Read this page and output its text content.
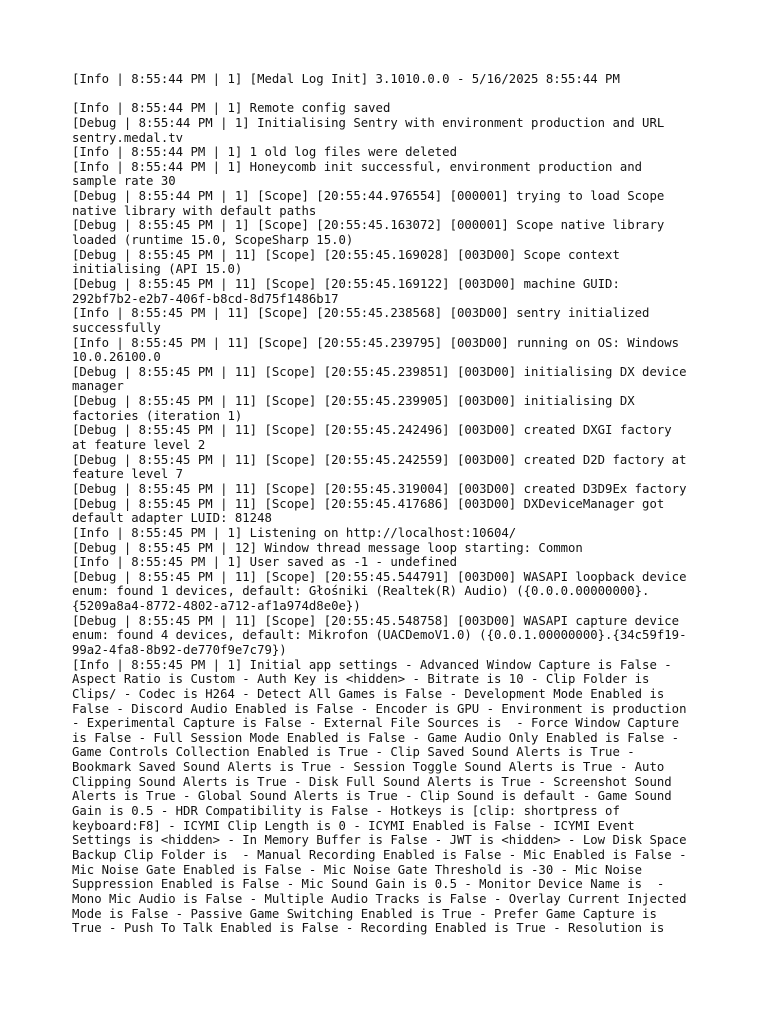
[Info | 8:55:44 PM | 1] [Medal Log Init] 3.1010.0.0 - 5/16/2025 8:55:44 PM
[Info | 8:55:44 PM | 1] Remote config saved
[Debug | 8:55:44 PM | 1] Initialising Sentry with environment production and URL
sentry.medal.tv
[Info | 8:55:44 PM | 1] 1 old log files were deleted
[Info | 8:55:44 PM | 1] Honeycomb init successful, environment production and
sample rate 30
[Debug | 8:55:44 PM | 1] [Scope] [20:55:44.976554] [000001] trying to load Scope
native library with default paths
[Debug | 8:55:45 PM | 1] [Scope] [20:55:45.163072] [000001] Scope native library
loaded (runtime 15.0, ScopeSharp 15.0)
[Debug | 8:55:45 PM | 11] [Scope] [20:55:45.169028] [003D00] Scope context
initialising (API 15.0)
[Debug | 8:55:45 PM | 11] [Scope] [20:55:45.169122] [003D00] machine GUID:
292bf7b2-e2b7-406f-b8cd-8d75f1486b17
[Info | 8:55:45 PM | 11] [Scope] [20:55:45.238568] [003D00] sentry initialized
successfully
[Info | 8:55:45 PM | 11] [Scope] [20:55:45.239795] [003D00] running on OS: Windows
10.0.26100.0
[Debug | 8:55:45 PM | 11] [Scope] [20:55:45.239851] [003D00] initialising DX device
manager
[Debug | 8:55:45 PM | 11] [Scope] [20:55:45.239905] [003D00] initialising DX
factories (iteration 1)
[Debug | 8:55:45 PM | 11] [Scope] [20:55:45.242496] [003D00] created DXGI factory
at feature level 2
[Debug | 8:55:45 PM | 11] [Scope] [20:55:45.242559] [003D00] created D2D factory at
feature level 7
[Debug | 8:55:45 PM | 11] [Scope] [20:55:45.319004] [003D00] created D3D9Ex factory
[Debug | 8:55:45 PM | 11] [Scope] [20:55:45.417686] [003D00] DXDeviceManager got
default adapter LUID: 81248
[Info | 8:55:45 PM | 1] Listening on http://localhost:10604/
[Debug | 8:55:45 PM | 12] Window thread message loop starting: Common
[Info | 8:55:45 PM | 1] User saved as -1 - undefined
[Debug | 8:55:45 PM | 11] [Scope] [20:55:45.544791] [003D00] WASAPI loopback device
enum: found 1 devices, default: Głośniki (Realtek(R) Audio) ({0.0.0.00000000}.
{5209a8a4-8772-4802-a712-af1a974d8e0e})
[Debug | 8:55:45 PM | 11] [Scope] [20:55:45.548758] [003D00] WASAPI capture device
enum: found 4 devices, default: Mikrofon (UACDemoV1.0) ({0.0.1.00000000}.{34c59f19-
99a2-4fa8-8b92-de770f9e7c79})
[Info | 8:55:45 PM | 1] Initial app settings - Advanced Window Capture is False -
Aspect Ratio is Custom - Auth Key is <hidden> - Bitrate is 10 - Clip Folder is
Clips/ - Codec is H264 - Detect All Games is False - Development Mode Enabled is
False - Discord Audio Enabled is False - Encoder is GPU - Environment is production
- Experimental Capture is False - External File Sources is  - Force Window Capture
is False - Full Session Mode Enabled is False - Game Audio Only Enabled is False -
Game Controls Collection Enabled is True - Clip Saved Sound Alerts is True -
Bookmark Saved Sound Alerts is True - Session Toggle Sound Alerts is True - Auto
Clipping Sound Alerts is True - Disk Full Sound Alerts is True - Screenshot Sound
Alerts is True - Global Sound Alerts is True - Clip Sound is default - Game Sound
Gain is 0.5 - HDR Compatibility is False - Hotkeys is [clip: shortpress of
keyboard:F8] - ICYMI Clip Length is 0 - ICYMI Enabled is False - ICYMI Event
Settings is <hidden> - In Memory Buffer is False - JWT is <hidden> - Low Disk Space
Backup Clip Folder is  - Manual Recording Enabled is False - Mic Enabled is False -
Mic Noise Gate Enabled is False - Mic Noise Gate Threshold is -30 - Mic Noise
Suppression Enabled is False - Mic Sound Gain is 0.5 - Monitor Device Name is  -
Mono Mic Audio is False - Multiple Audio Tracks is False - Overlay Current Injected
Mode is False - Passive Game Switching Enabled is True - Prefer Game Capture is
True - Push To Talk Enabled is False - Recording Enabled is True - Resolution is
